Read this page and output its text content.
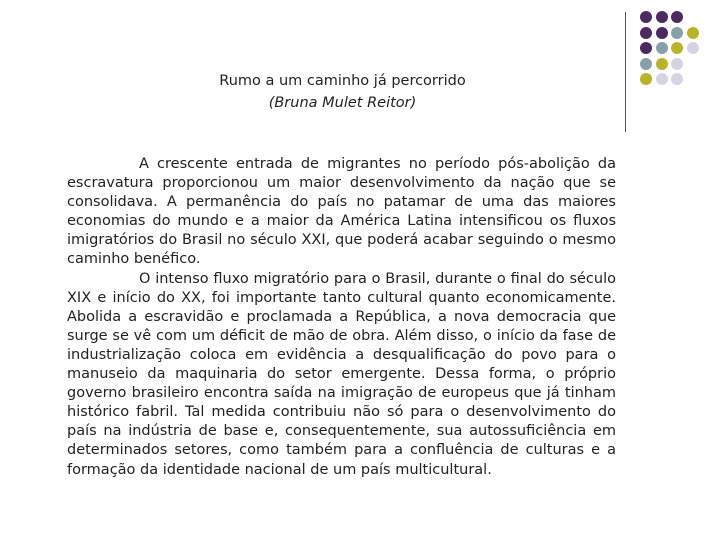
Rumo a um caminho já percorrido
(Bruna Mulet Reitor)

A crescente entrada de migrantes no período pós-abolição da escravatura proporcionou um maior desenvolvimento da nação que se consolidava. A permanência do país no patamar de uma das maiores economias do mundo e a maior da América Latina intensificou os fluxos imigratórios do Brasil no século XXI, que poderá acabar seguindo o mesmo caminho benéfico.

O intenso fluxo migratório para o Brasil, durante o final do século XIX e início do XX, foi importante tanto cultural quanto economicamente. Abolida a escravidão e proclamada a República, a nova democracia que surge se vê com um déficit de mão de obra. Além disso, o início da fase de industrialização coloca em evidência a desqualificação do povo para o manuseio da maquinaria do setor emergente. Dessa forma, o próprio governo brasileiro encontra saída na imigração de europeus que já tinham histórico fabril. Tal medida contribuiu não só para o desenvolvimento do país na indústria de base e, consequentemente, sua autossuficiência em determinados setores, como também para a confluência de culturas e a formação da identidade nacional de um país multicultural.
